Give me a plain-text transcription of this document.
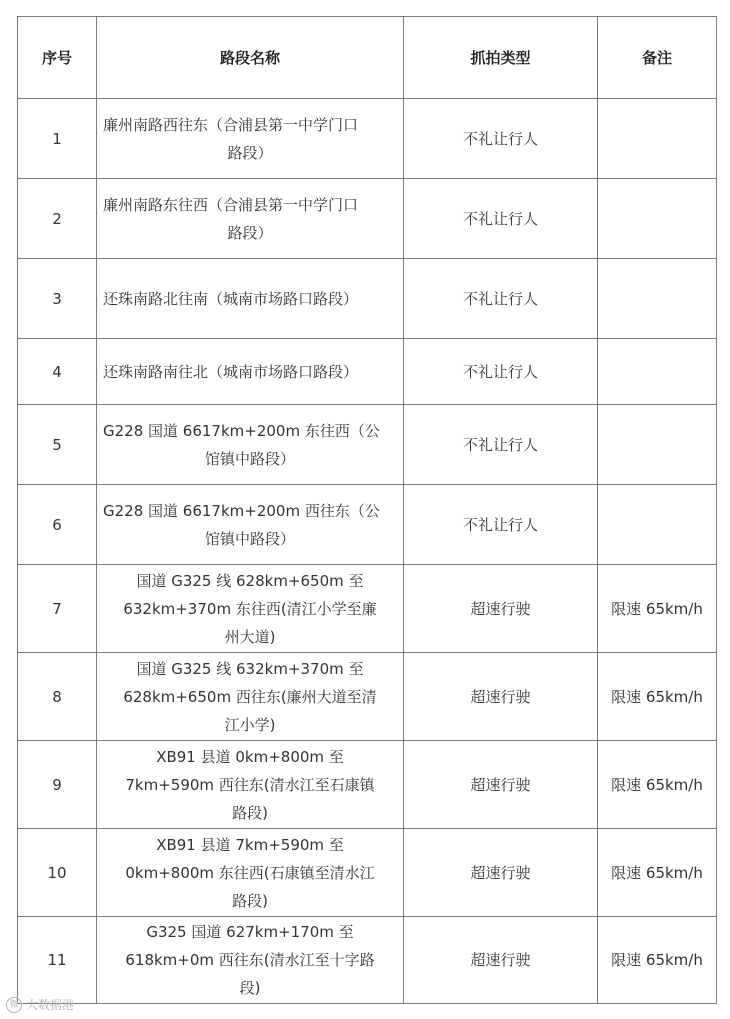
序号	路段名称	抓拍类型	备注
1	廉州南路西往东（合浦县第一中学门口
路段）	不礼让行人	
2	廉州南路东往西（合浦县第一中学门口
路段）	不礼让行人	
3	还珠南路北往南（城南市场路口路段）	不礼让行人	
4	还珠南路南往北（城南市场路口路段）	不礼让行人	
5	G228 国道 6617km+200m 东往西（公
馆镇中路段）	不礼让行人	
6	G228 国道 6617km+200m 西往东（公
馆镇中路段）	不礼让行人	
7	国道 G325 线 628km+650m 至
632km+370m 东往西(清江小学至廉
州大道)	超速行驶	限速 65km/h
8	国道 G325 线 632km+370m 至
628km+650m 西往东(廉州大道至清
江小学)	超速行驶	限速 65km/h
9	XB91 县道 0km+800m 至
7km+590m 西往东(清水江至石康镇
路段)	超速行驶	限速 65km/h
10	XB91 县道 7km+590m 至
0km+800m 东往西(石康镇至清水江
路段)	超速行驶	限速 65km/h
11	G325 国道 627km+170m 至
618km+0m 西往东(清水江至十字路
段)	超速行驶	限速 65km/h
微 大数据港
